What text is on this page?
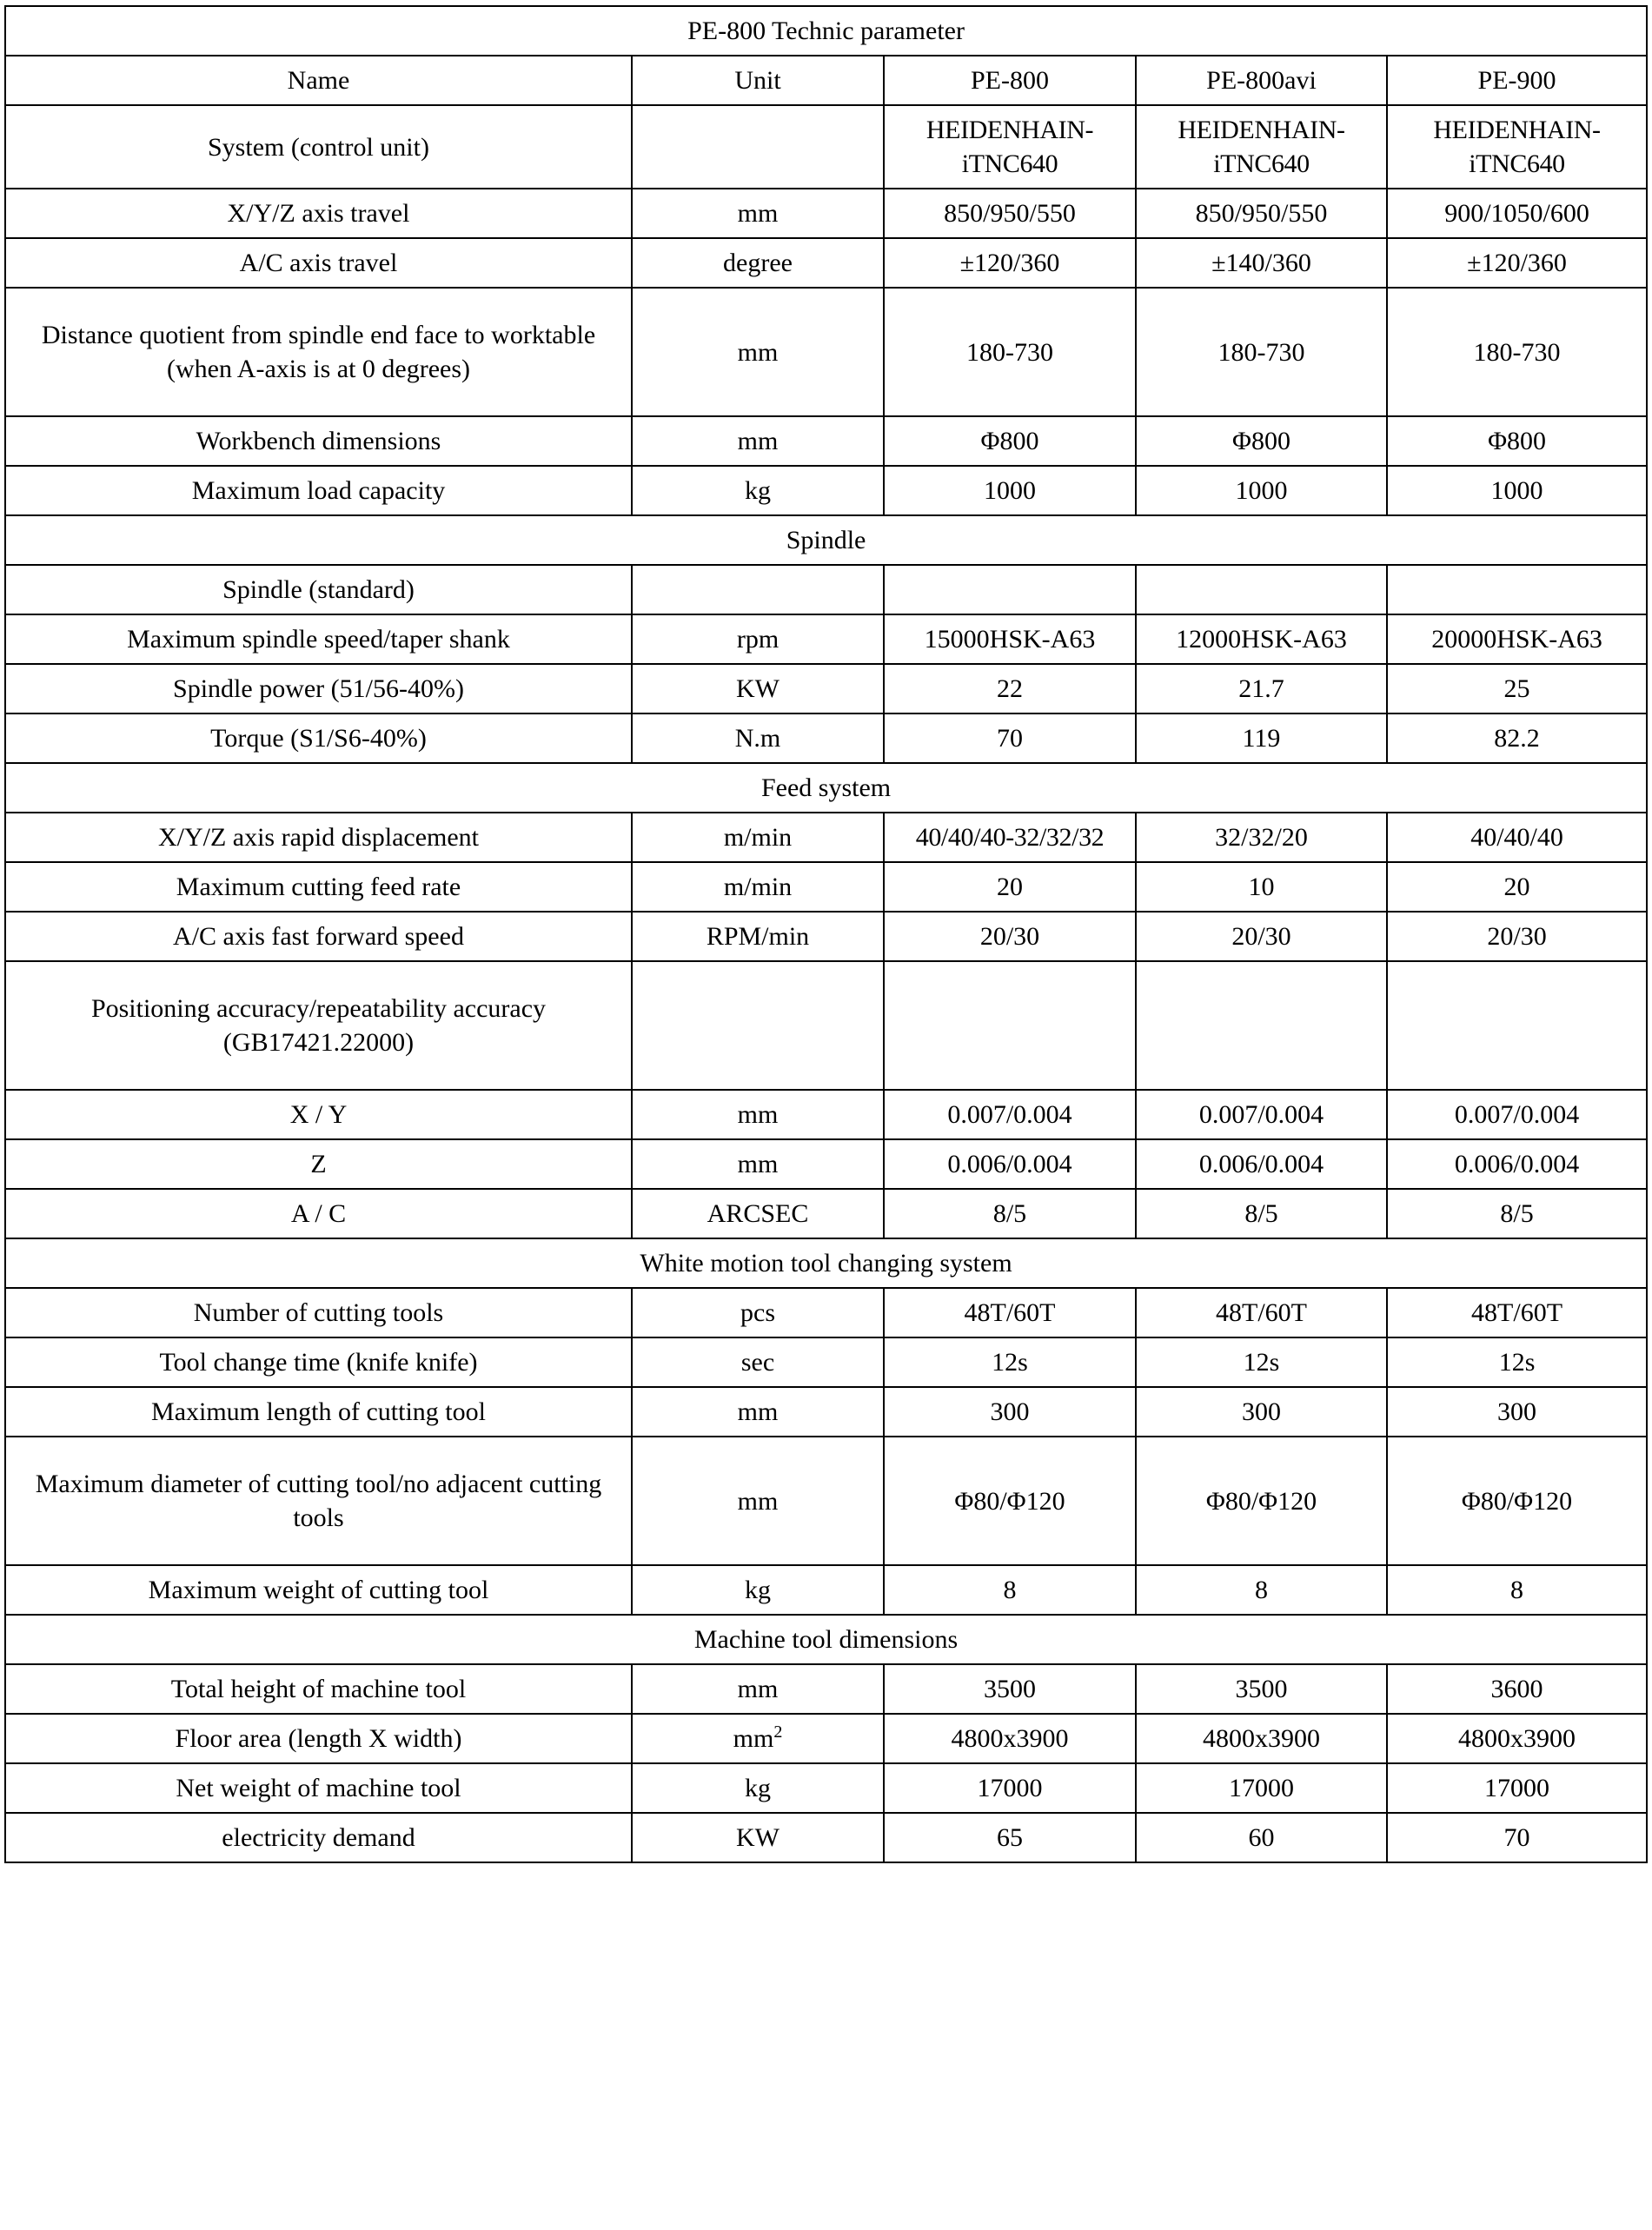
PE-800 Technic parameter				
Name	Unit	PE-800	PE-800avi	PE-900
System (control unit)		HEIDENHAIN-iTNC640	HEIDENHAIN-iTNC640	HEIDENHAIN-iTNC640
X/Y/Z axis travel	mm	850/950/550	850/950/550	900/1050/600
A/C axis travel	degree	±120/360	±140/360	±120/360
Distance quotient from spindle end face to worktable (when A-axis is at 0 degrees)	mm	180-730	180-730	180-730
Workbench dimensions	mm	Φ800	Φ800	Φ800
Maximum load capacity	kg	1000	1000	1000
Spindle				
Spindle (standard)				
Maximum spindle speed/taper shank	rpm	15000HSK-A63	12000HSK-A63	20000HSK-A63
Spindle power (51/56-40%)	KW	22	21.7	25
Torque (S1/S6-40%)	N.m	70	119	82.2
Feed system				
X/Y/Z axis rapid displacement	m/min	40/40/40-32/32/32	32/32/20	40/40/40
Maximum cutting feed rate	m/min	20	10	20
A/C axis fast forward speed	RPM/min	20/30	20/30	20/30
Positioning accuracy/repeatability accuracy (GB17421.22000)				
X / Y	mm	0.007/0.004	0.007/0.004	0.007/0.004
Z	mm	0.006/0.004	0.006/0.004	0.006/0.004
A / C	ARCSEC	8/5	8/5	8/5
White motion tool changing system				
Number of cutting tools	pcs	48T/60T	48T/60T	48T/60T
Tool change time (knife knife)	sec	12s	12s	12s
Maximum length of cutting tool	mm	300	300	300
Maximum diameter of cutting tool/no adjacent cutting tools	mm	Φ80/Φ120	Φ80/Φ120	Φ80/Φ120
Maximum weight of cutting tool	kg	8	8	8
Machine tool dimensions				
Total height of machine tool	mm	3500	3500	3600
Floor area (length X width)	$mm^2$	4800x3900	4800x3900	4800x3900
Net weight of machine tool	kg	17000	17000	17000
electricity demand	KW	65	60	70
